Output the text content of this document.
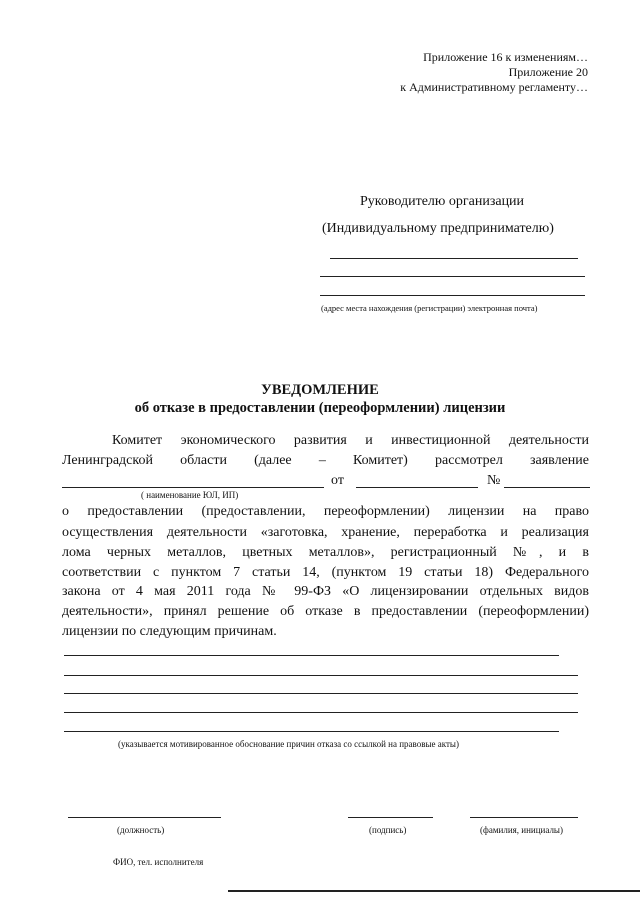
Приложение 16 к изменениям…
Приложение 20
к Административному регламенту…
Руководителю организации
(Индивидуальному предпринимателю)
(адрес места нахождения (регистрации) электронная почта)
УВЕДОМЛЕНИЕ
об отказе в предоставлении (переоформлении) лицензии
Комитет экономического развития и инвестиционной деятельности
Ленинградской области (далее – Комитет) рассмотрел заявление
от	№
( наименование ЮЛ, ИП)
о предоставлении (предоставлении, переоформлении) лицензии на право
осуществления деятельности «заготовка, хранение, переработка и реализация
лома черных металлов, цветных металлов», регистрационный №, и в
соответствии с пунктом 7 статьи 14, (пунктом 19 статьи 18) Федерального
закона от 4 мая 2011 года № 99-ФЗ «О лицензировании отдельных видов
деятельности», принял решение об отказе в предоставлении (переоформлении)
лицензии по следующим причинам.
(указывается мотивированное обоснование причин отказа со ссылкой на правовые акты)
(должность)	(подпись)	(фамилия, инициалы)
ФИО, тел. исполнителя
